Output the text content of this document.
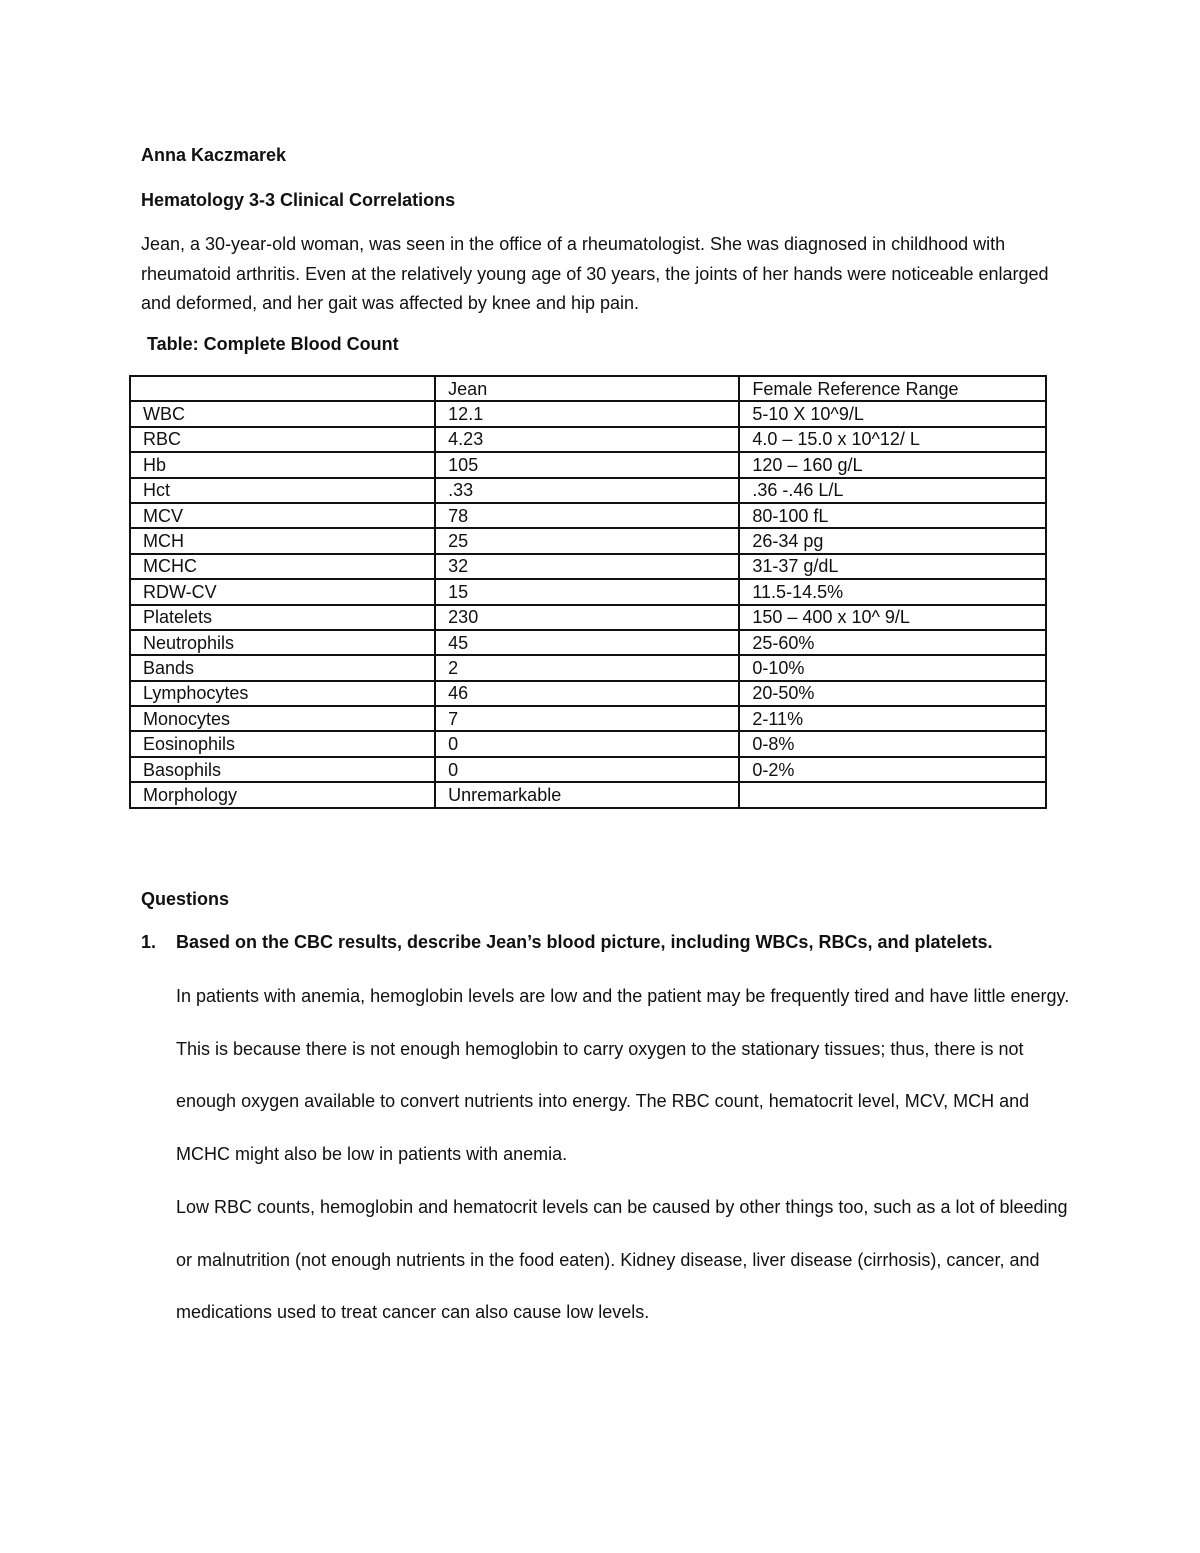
Anna Kaczmarek

Hematology 3-3 Clinical Correlations

Jean, a 30-year-old woman, was seen in the office of a rheumatologist. She was diagnosed in childhood with rheumatoid arthritis. Even at the relatively young age of 30 years, the joints of her hands were noticeable enlarged and deformed, and her gait was affected by knee and hip pain.

Table: Complete Blood Count

	Jean	Female Reference Range
WBC	12.1	5-10 X 10^9/L
RBC	4.23	4.0 – 15.0 x 10^12/ L
Hb	105	120 – 160 g/L
Hct	.33	.36 -.46 L/L
MCV	78	80-100 fL
MCH	25	26-34 pg
MCHC	32	31-37 g/dL
RDW-CV	15	11.5-14.5%
Platelets	230	150 – 400 x 10^ 9/L
Neutrophils	45	25-60%
Bands	2	0-10%
Lymphocytes	46	20-50%
Monocytes	7	2-11%
Eosinophils	0	0-8%
Basophils	0	0-2%
Morphology	Unremarkable	

Questions

1. Based on the CBC results, describe Jean’s blood picture, including WBCs, RBCs, and platelets.

In patients with anemia, hemoglobin levels are low and the patient may be frequently tired and have little energy. This is because there is not enough hemoglobin to carry oxygen to the stationary tissues; thus, there is not enough oxygen available to convert nutrients into energy. The RBC count, hematocrit level, MCV, MCH and MCHC might also be low in patients with anemia.

Low RBC counts, hemoglobin and hematocrit levels can be caused by other things too, such as a lot of bleeding or malnutrition (not enough nutrients in the food eaten). Kidney disease, liver disease (cirrhosis), cancer, and medications used to treat cancer can also cause low levels.
